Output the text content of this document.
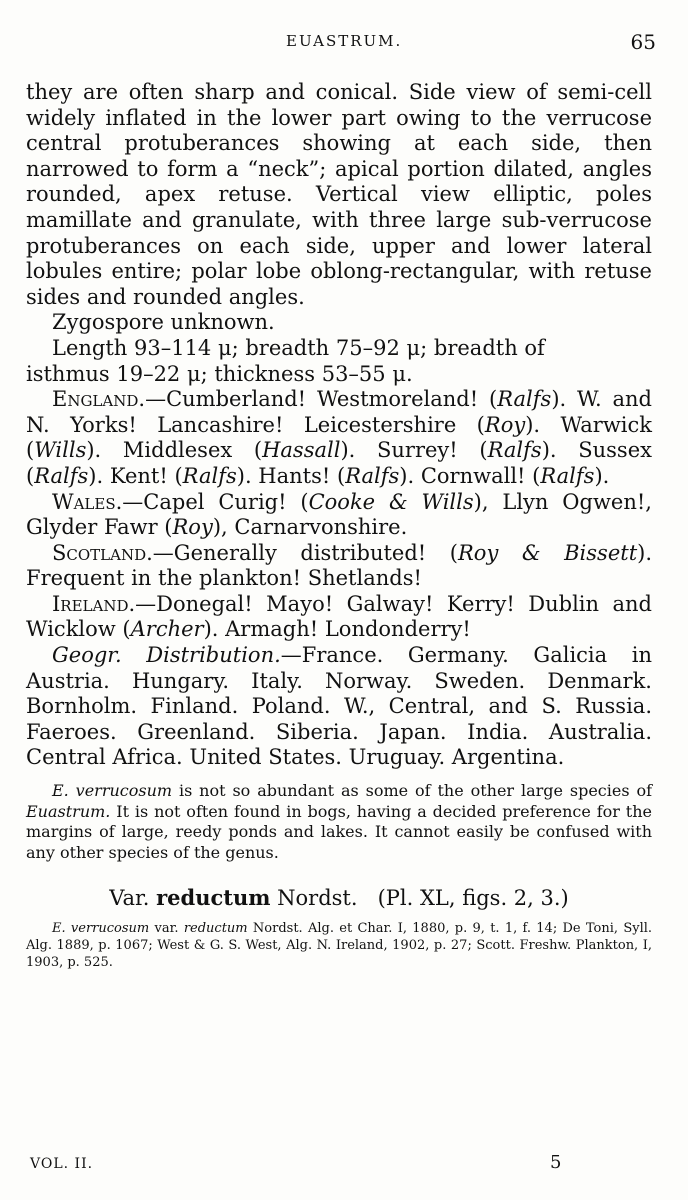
EUASTRUM.	65

they are often sharp and conical. Side view of semi-cell widely inflated in the lower part owing to the verrucose central protuberances showing at each side, then narrowed to form a “neck”; apical portion dilated, angles rounded, apex retuse. Vertical view elliptic, poles mamillate and granulate, with three large sub-verrucose protuberances on each side, upper and lower lateral lobules entire; polar lobe oblong-rectangular, with retuse sides and rounded angles.

Zygospore unknown.

Length 93–114 μ; breadth 75–92 μ; breadth of

isthmus 19–22 μ; thickness 53–55 μ.

England.—Cumberland! Westmoreland! (Ralfs). W. and N. Yorks! Lancashire! Leicestershire (Roy). Warwick (Wills). Middlesex (Hassall). Surrey! (Ralfs). Sussex (Ralfs). Kent! (Ralfs). Hants! (Ralfs). Cornwall! (Ralfs).

Wales.—Capel Curig! (Cooke & Wills), Llyn Ogwen!, Glyder Fawr (Roy), Carnarvonshire.

Scotland.—Generally distributed! (Roy & Bissett). Frequent in the plankton! Shetlands!

Ireland.—Donegal! Mayo! Galway! Kerry! Dublin and Wicklow (Archer). Armagh! Londonderry!

Geogr. Distribution.—France. Germany. Galicia in Austria. Hungary. Italy. Norway. Sweden. Denmark. Bornholm. Finland. Poland. W., Central, and S. Russia. Faeroes. Greenland. Siberia. Japan. India. Australia. Central Africa. United States. Uruguay. Argentina.

E. verrucosum is not so abundant as some of the other large species of Euastrum. It is not often found in bogs, having a decided preference for the margins of large, reedy ponds and lakes. It cannot easily be confused with any other species of the genus.

Var. reductum Nordst. (Pl. XL, figs. 2, 3.)

E. verrucosum var. reductum Nordst. Alg. et Char. I, 1880, p. 9, t. 1, f. 14; De Toni, Syll. Alg. 1889, p. 1067; West & G. S. West, Alg. N. Ireland, 1902, p. 27; Scott. Freshw. Plankton, I, 1903, p. 525.

VOL. II.	5
